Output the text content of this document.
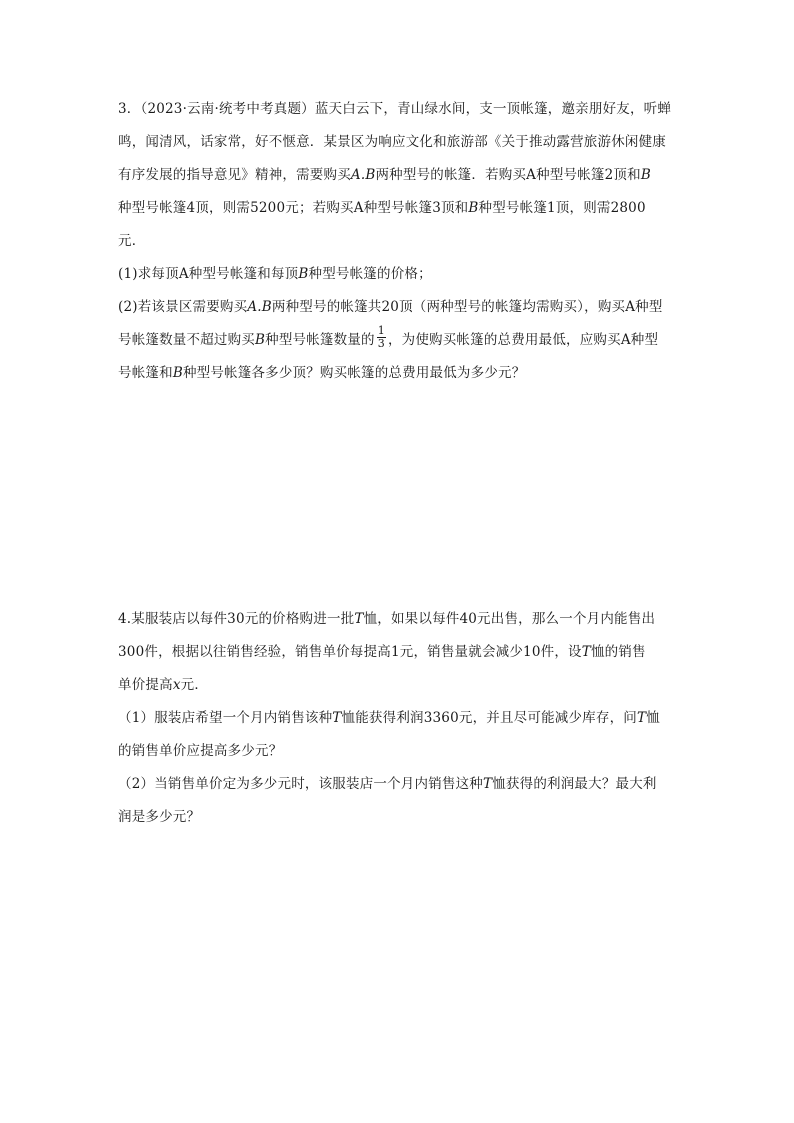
3．（2023·云南·统考中考真题）蓝天白云下，青山绿水间，支一顶帐篷，邀亲朋好友，听蝉
鸣，闻清风，话家常，好不惬意．某景区为响应文化和旅游部《关于推动露营旅游休闲健康
有序发展的指导意见》精神，需要购买A.B两种型号的帐篷．若购买A种型号帐篷2顶和B
种型号帐篷4顶，则需5200元；若购买A种型号帐篷3顶和B种型号帐篷1顶，则需2800
元．
(1)求每顶A种型号帐篷和每顶B种型号帐篷的价格；
(2)若该景区需要购买A.B两种型号的帐篷共20顶（两种型号的帐篷均需购买），购买A种型
号帐篷数量不超过购买B种型号帐篷数量的 $\frac{1}{3}$ ，为使购买帐篷的总费用最低，应购买A种型
号帐篷和B种型号帐篷各多少顶？购买帐篷的总费用最低为多少元？
4.某服装店以每件30元的价格购进一批T恤，如果以每件40元出售，那么一个月内能售出
300件，根据以往销售经验，销售单价每提高1元，销售量就会减少10件，设T恤的销售
单价提高x元．
（1）服装店希望一个月内销售该种T恤能获得利润3360元，并且尽可能减少库存，问T恤
的销售单价应提高多少元？
（2）当销售单价定为多少元时，该服装店一个月内销售这种T恤获得的利润最大？最大利
润是多少元？
